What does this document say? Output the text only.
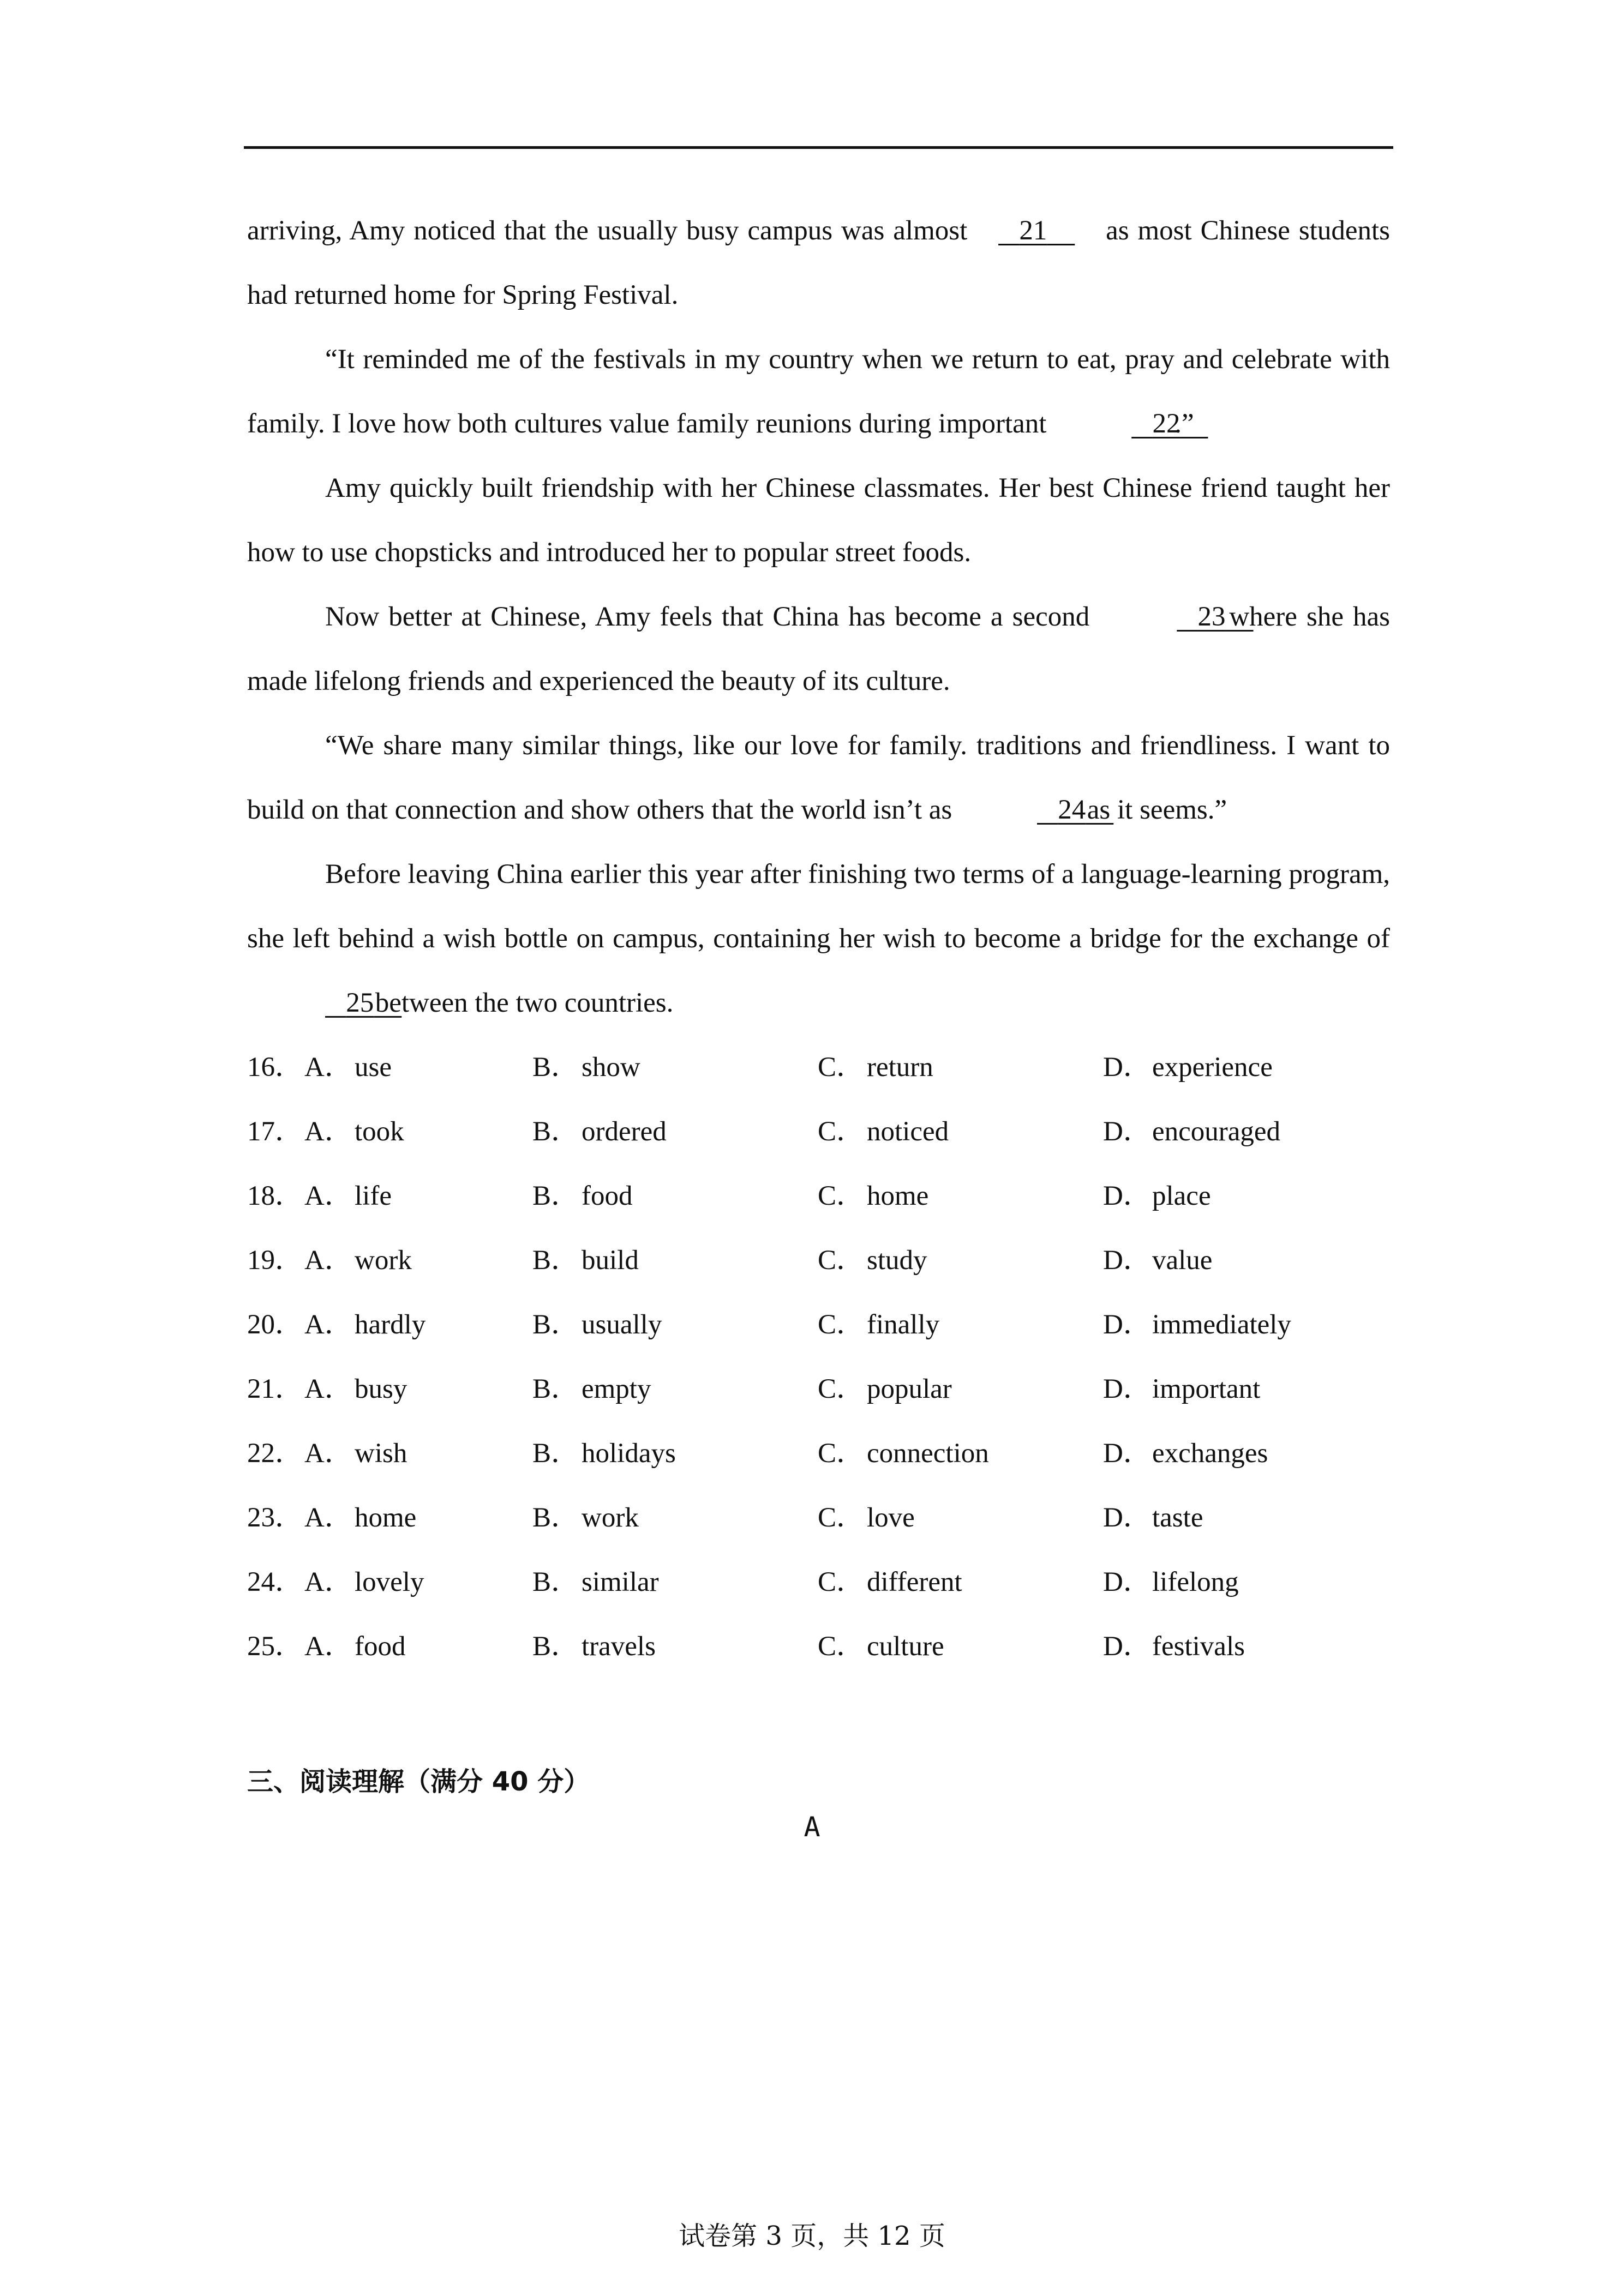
arriving, Amy noticed that the usually busy campus was almost    21     as most Chinese students had returned home for Spring Festival.

“It reminded me of the festivals in my country when we return to eat, pray and celebrate with family. I love how both cultures value family reunions during important	22    .”

Amy quickly built friendship with her Chinese classmates. Her best Chinese friend taught her how to use chopsticks and introduced her to popular street foods.

Now better at Chinese, Amy feels that China has become a second	23     where she has made lifelong friends and experienced the beauty of its culture.

“We share many similar things, like our love for family. traditions and friendliness. I want to build on that connection and show others that the world isn’t as	24     as it seems.”

Before leaving China earlier this year after finishing two terms of a language-learning program, she left behind a wish bottle on campus, containing her wish to become a bridge for the exchange of    25     between the two countries.

16． A． use	B． show	C． return	D． experience
17． A． took	B． ordered	C． noticed	D． encouraged
18． A． life	B． food	C． home	D． place
19． A． work	B． build	C． study	D． value
20． A． hardly	B． usually	C． finally	D． immediately
21． A． busy	B． empty	C． popular	D． important
22． A． wish	B． holidays	C． connection	D． exchanges
23． A． home	B． work	C． love	D． taste
24． A． lovely	B． similar	C． different	D． lifelong
25． A． food	B． travels	C． culture	D． festivals
三、阅读理解（满分 40 分）
A
试卷第 3 页，共 12 页
